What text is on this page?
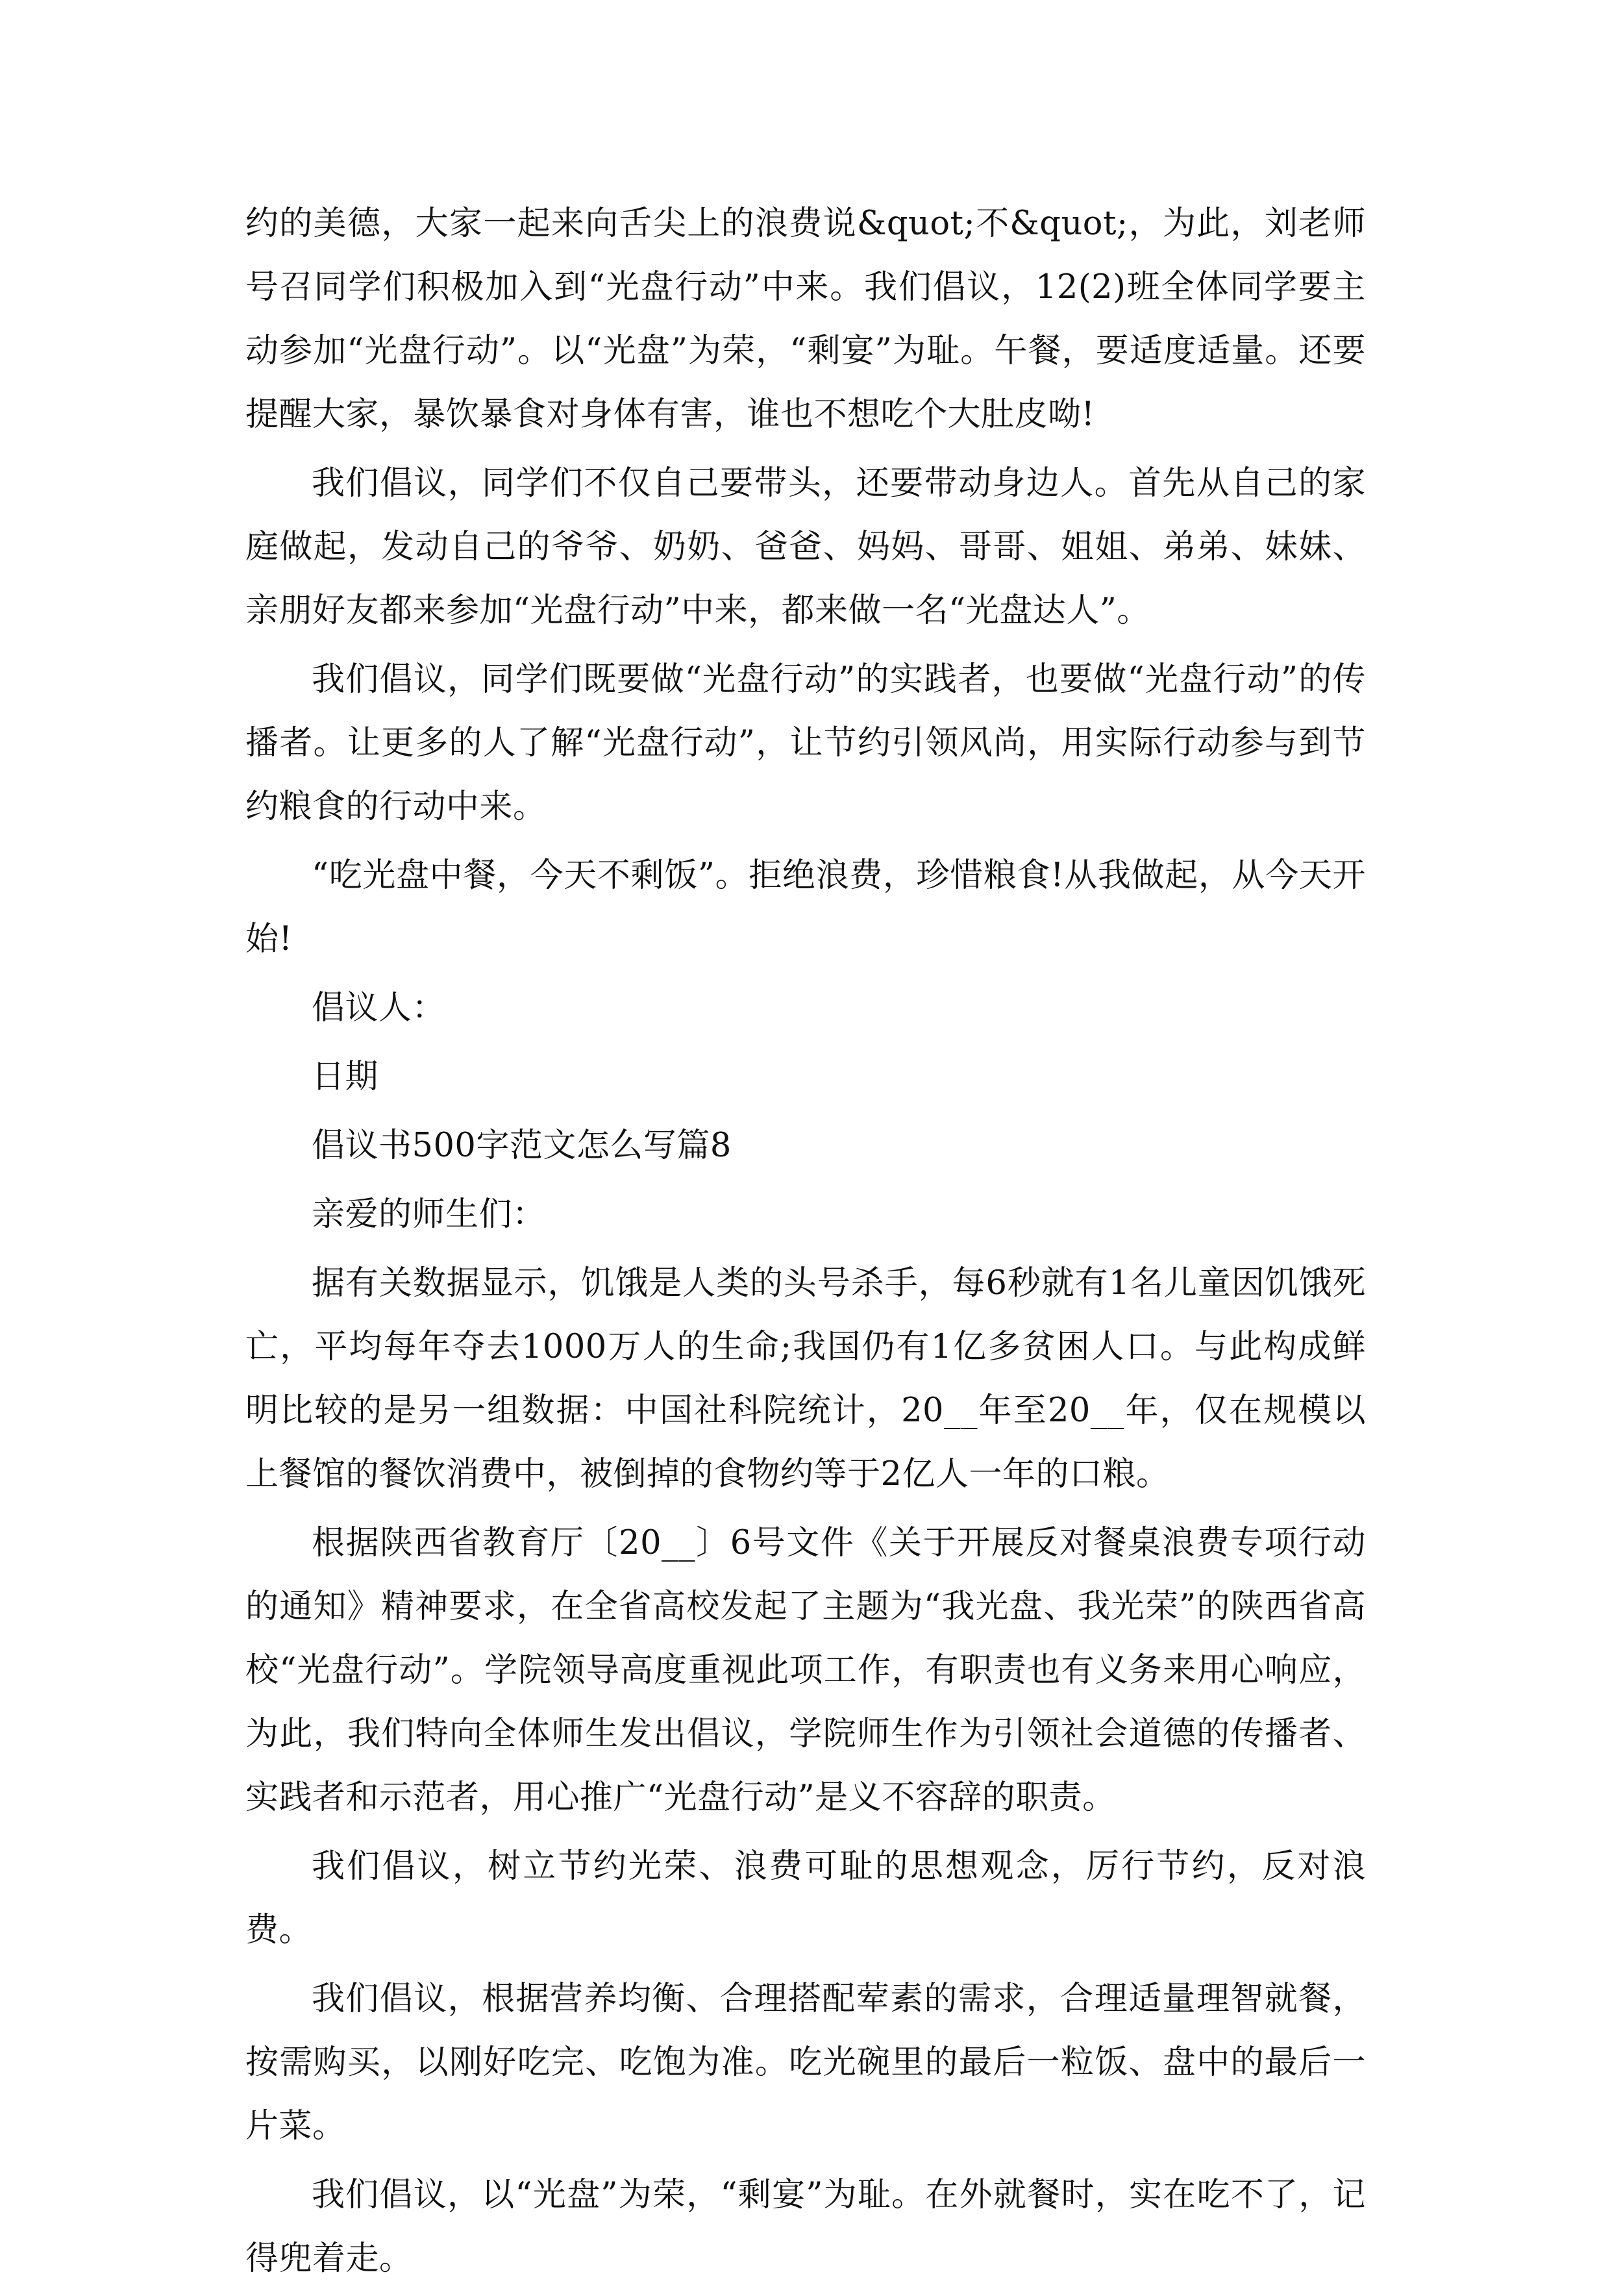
约的美德，大家一起来向舌尖上的浪费说&quot;不&quot;，为此，刘老师号召同学们积极加入到“光盘行动”中来。我们倡议，12(2)班全体同学要主动参加“光盘行动”。以“光盘”为荣，“剩宴”为耻。午餐，要适度适量。还要提醒大家，暴饮暴食对身体有害，谁也不想吃个大肚皮呦!

我们倡议，同学们不仅自己要带头，还要带动身边人。首先从自己的家庭做起，发动自己的爷爷、奶奶、爸爸、妈妈、哥哥、姐姐、弟弟、妹妹、亲朋好友都来参加“光盘行动”中来，都来做一名“光盘达人”。

我们倡议，同学们既要做“光盘行动”的实践者，也要做“光盘行动”的传播者。让更多的人了解“光盘行动”，让节约引领风尚，用实际行动参与到节约粮食的行动中来。

“吃光盘中餐，今天不剩饭”。拒绝浪费，珍惜粮食!从我做起，从今天开始!

倡议人：

日期

倡议书500字范文怎么写篇8

亲爱的师生们：

据有关数据显示，饥饿是人类的头号杀手，每6秒就有1名儿童因饥饿死亡，平均每年夺去1000万人的生命;我国仍有1亿多贫困人口。与此构成鲜明比较的是另一组数据：中国社科院统计，20__年至20__年，仅在规模以上餐馆的餐饮消费中，被倒掉的食物约等于2亿人一年的口粮。

根据陕西省教育厅〔20__〕6号文件《关于开展反对餐桌浪费专项行动的通知》精神要求，在全省高校发起了主题为“我光盘、我光荣”的陕西省高校“光盘行动”。学院领导高度重视此项工作，有职责也有义务来用心响应，为此，我们特向全体师生发出倡议，学院师生作为引领社会道德的传播者、实践者和示范者，用心推广“光盘行动”是义不容辞的职责。

我们倡议，树立节约光荣、浪费可耻的思想观念，厉行节约，反对浪费。

我们倡议，根据营养均衡、合理搭配荤素的需求，合理适量理智就餐，按需购买，以刚好吃完、吃饱为准。吃光碗里的最后一粒饭、盘中的最后一片菜。

我们倡议，以“光盘”为荣，“剩宴”为耻。在外就餐时，实在吃不了，记得兜着走。
